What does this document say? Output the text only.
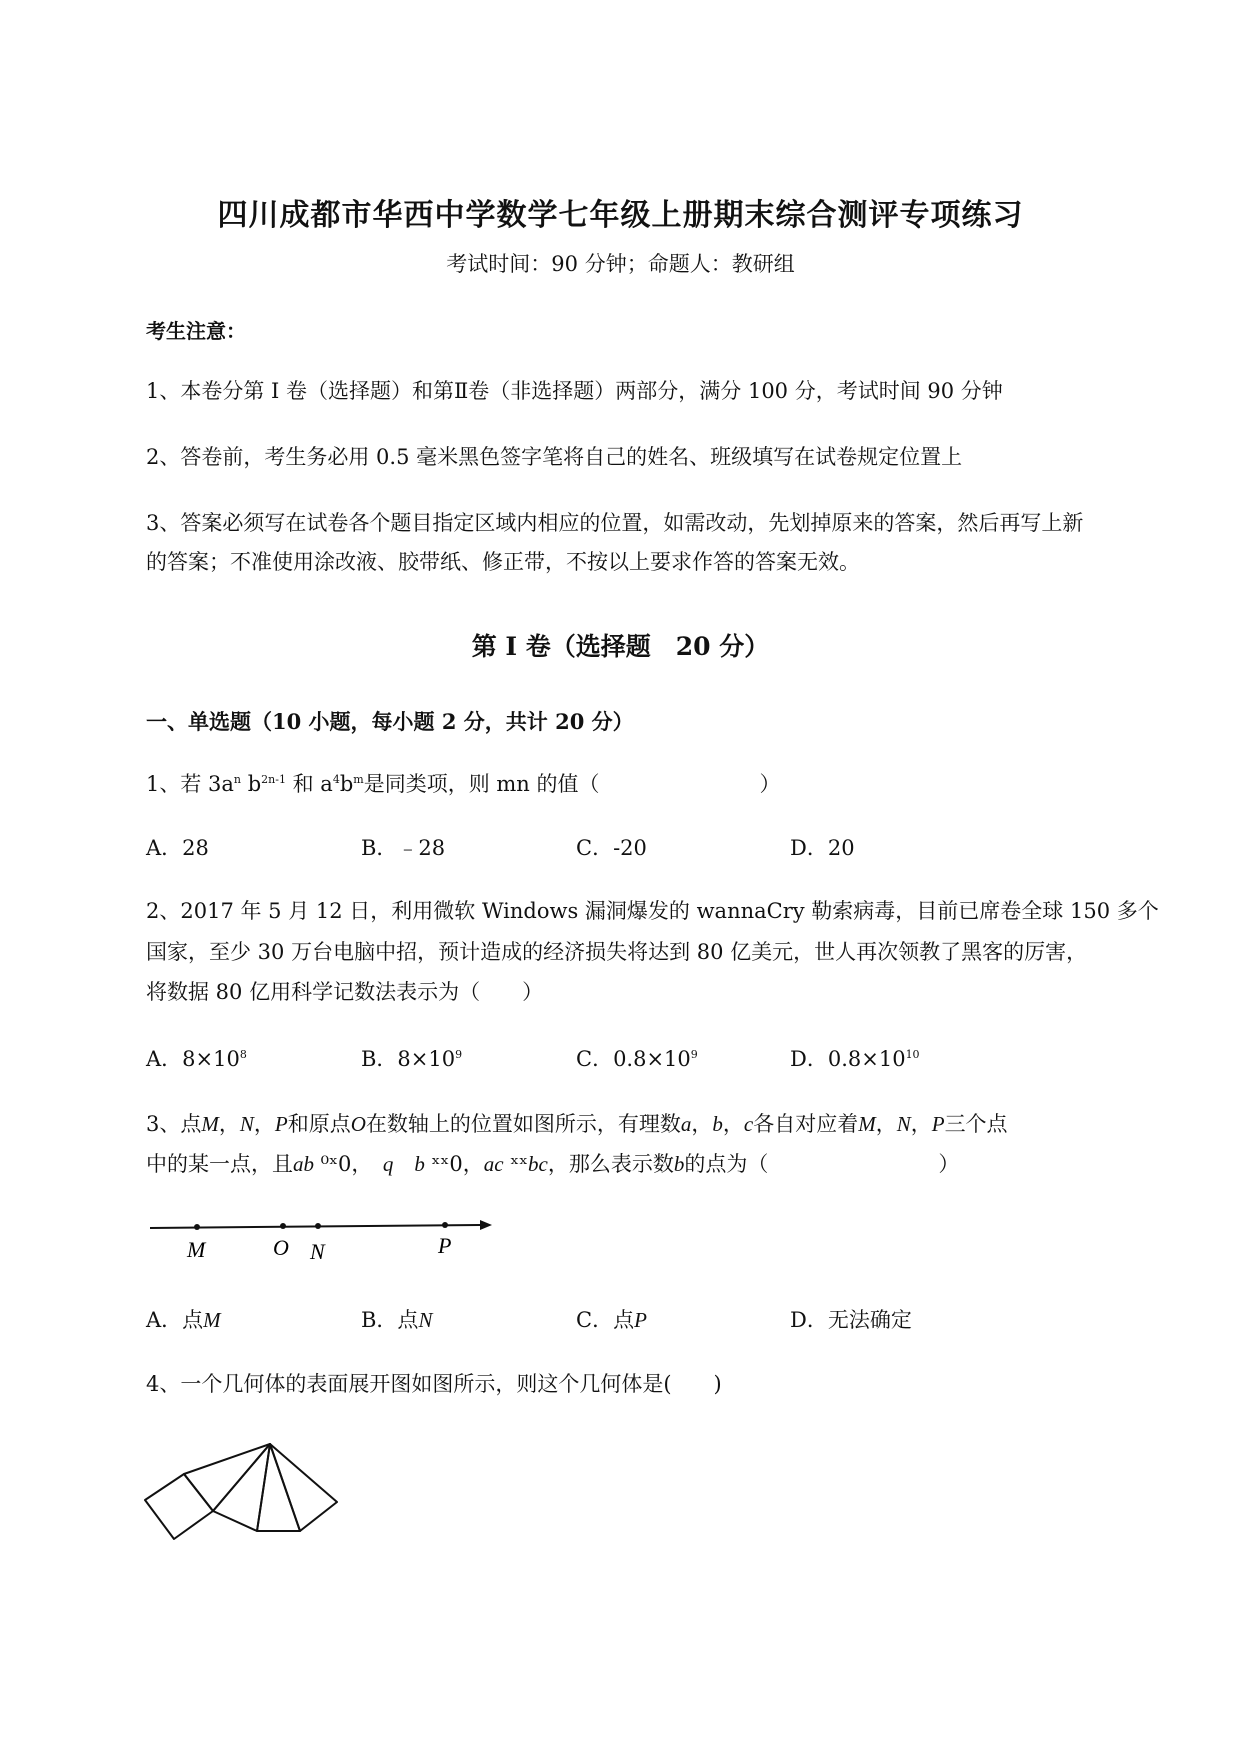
四川成都市华西中学数学七年级上册期末综合测评专项练习
考试时间：90 分钟；命题人：教研组
考生注意：
1、本卷分第 I 卷（选择题）和第Ⅱ卷（非选择题）两部分，满分 100 分，考试时间 90 分钟
2、答卷前，考生务必用 0.5 毫米黑色签字笔将自己的姓名、班级填写在试卷规定位置上
3、答案必须写在试卷各个题目指定区域内相应的位置，如需改动，先划掉原来的答案，然后再写上新
的答案；不准使用涂改液、胶带纸、修正带，不按以上要求作答的答案无效。
第 I 卷（选择题　20 分）
一、单选题（10 小题，每小题 2 分，共计 20 分）
1、若 $3a^n$ $b^{2n-1}$ 和 $a^4b^m$是同类项，则 mn 的值（	）
A．28	B．﹣28	C．-20	D．20
2、2017 年 5 月 12 日，利用微软 Windows 漏洞爆发的 wannaCry 勒索病毒，目前已席卷全球 150 多个
国家，至少 30 万台电脑中招，预计造成的经济损失将达到 80 亿美元，世人再次领教了黑客的厉害，
将数据 80 亿用科学记数法表示为（　　）
A．$8\times 10^8$	B．$8\times 10^9$	C．$0.8\times 10^9$	D．$0.8\times 10^{10}$
3、点M，N，P和原点O在数轴上的位置如图所示，有理数a，b，c各自对应着M，N，P三个点
中的某一点，且ab ⁰ˣ0，　 q　 b ˣˣ0，ac ˣˣbc，那么表示数b的点为（	）
M	O N	P
A．点M	B．点N	C．点P	D．无法确定
4、一个几何体的表面展开图如图所示，则这个几何体是(　　)
